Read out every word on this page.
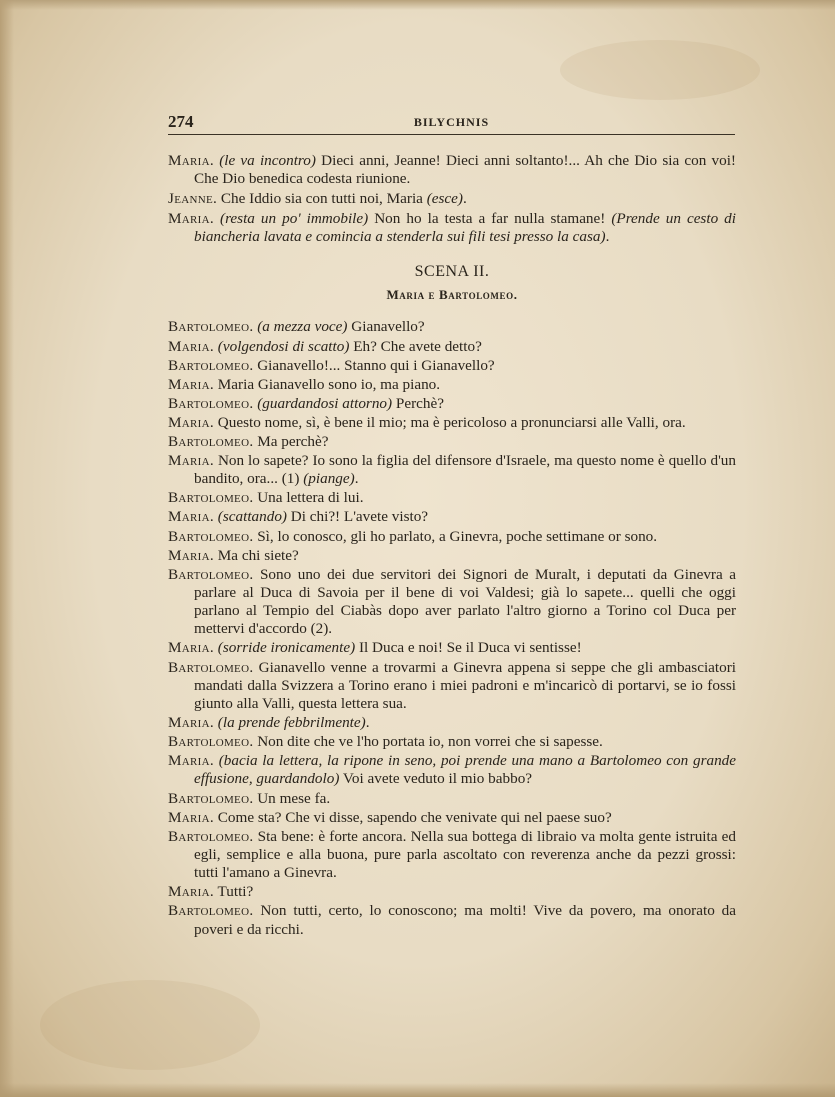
274	BILYCHNIS

Maria. (le va incontro) Dieci anni, Jeanne! Dieci anni soltanto!... Ah che Dio sia con voi! Che Dio benedica codesta riunione.

Jeanne. Che Iddio sia con tutti noi, Maria (esce).

Maria. (resta un po' immobile) Non ho la testa a far nulla stamane! (Prende un cesto di biancheria lavata e comincia a stenderla sui fili tesi presso la casa).

SCENA II.
Maria e Bartolomeo.

Bartolomeo. (a mezza voce) Gianavello?

Maria. (volgendosi di scatto) Eh? Che avete detto?

Bartolomeo. Gianavello!... Stanno qui i Gianavello?

Maria. Maria Gianavello sono io, ma piano.

Bartolomeo. (guardandosi attorno) Perchè?

Maria. Questo nome, sì, è bene il mio; ma è pericoloso a pronunciarsi alle Valli, ora.

Bartolomeo. Ma perchè?

Maria. Non lo sapete? Io sono la figlia del difensore d'Israele, ma questo nome è quello d'un bandito, ora... (1) (piange).

Bartolomeo. Una lettera di lui.

Maria. (scattando) Di chi?! L'avete visto?

Bartolomeo. Sì, lo conosco, gli ho parlato, a Ginevra, poche settimane or sono.

Maria. Ma chi siete?

Bartolomeo. Sono uno dei due servitori dei Signori de Muralt, i deputati da Ginevra a parlare al Duca di Savoia per il bene di voi Valdesi; già lo sapete... quelli che oggi parlano al Tempio del Ciabàs dopo aver parlato l'altro giorno a Torino col Duca per mettervi d'accordo (2).

Maria. (sorride ironicamente) Il Duca e noi! Se il Duca vi sentisse!

Bartolomeo. Gianavello venne a trovarmi a Ginevra appena si seppe che gli ambasciatori mandati dalla Svizzera a Torino erano i miei padroni e m'incaricò di portarvi, se io fossi giunto alla Valli, questa lettera sua.

Maria. (la prende febbrilmente).

Bartolomeo. Non dite che ve l'ho portata io, non vorrei che si sapesse.

Maria. (bacia la lettera, la ripone in seno, poi prende una mano a Bartolomeo con grande effusione, guardandolo) Voi avete veduto il mio babbo?

Bartolomeo. Un mese fa.

Maria. Come sta? Che vi disse, sapendo che venivate qui nel paese suo?

Bartolomeo. Sta bene: è forte ancora. Nella sua bottega di libraio va molta gente istruita ed egli, semplice e alla buona, pure parla ascoltato con reverenza anche da pezzi grossi: tutti l'amano a Ginevra.

Maria. Tutti?

Bartolomeo. Non tutti, certo, lo conoscono; ma molti! Vive da povero, ma onorato da poveri e da ricchi.
